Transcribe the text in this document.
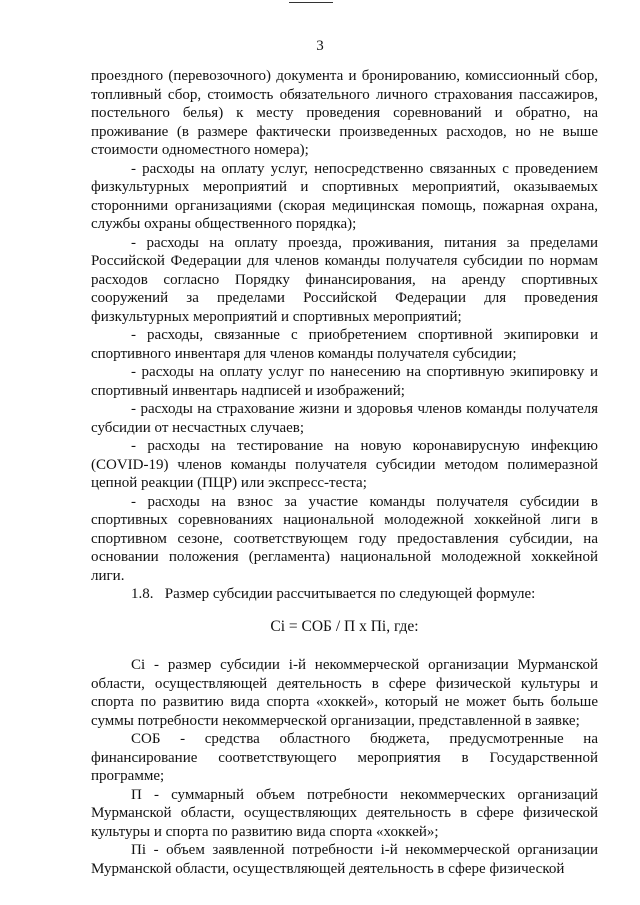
3

проездного (перевозочного) документа и бронированию, комиссионный сбор, топливный сбор, стоимость обязательного личного страхования пассажиров, постельного белья) к месту проведения соревнований и обратно, на проживание (в размере фактически произведенных расходов, но не выше стоимости одноместного номера);

- расходы на оплату услуг, непосредственно связанных с проведением физкультурных мероприятий и спортивных мероприятий, оказываемых сторонними организациями (скорая медицинская помощь, пожарная охрана, службы охраны общественного порядка);

- расходы на оплату проезда, проживания, питания за пределами Российской Федерации для членов команды получателя субсидии по нормам расходов согласно Порядку финансирования, на аренду спортивных сооружений за пределами Российской Федерации для проведения физкультурных мероприятий и спортивных мероприятий;

- расходы, связанные с приобретением спортивной экипировки и спортивного инвентаря для членов команды получателя субсидии;

- расходы на оплату услуг по нанесению на спортивную экипировку и спортивный инвентарь надписей и изображений;

- расходы на страхование жизни и здоровья членов команды получателя субсидии от несчастных случаев;

- расходы на тестирование на новую коронавирусную инфекцию (COVID-19) членов команды получателя субсидии методом полимеразной цепной реакции (ПЦР) или экспресс-теста;

- расходы на взнос за участие команды получателя субсидии в спортивных соревнованиях национальной молодежной хоккейной лиги в спортивном сезоне, соответствующем году предоставления субсидии, на основании положения (регламента) национальной молодежной хоккейной лиги.

1.8.   Размер субсидии рассчитывается по следующей формуле:

Ci = СОБ / П х Пi, где:

Ci - размер субсидии i-й некоммерческой организации Мурманской области, осуществляющей деятельность в сфере физической культуры и спорта по развитию вида спорта «хоккей», который не может быть больше суммы потребности некоммерческой организации, представленной в заявке;

СОБ - средства областного бюджета, предусмотренные на финансирование соответствующего мероприятия в Государственной программе;

П - суммарный объем потребности некоммерческих организаций Мурманской области, осуществляющих деятельность в сфере физической культуры и спорта по развитию вида спорта «хоккей»;

Пi - объем заявленной потребности i-й некоммерческой организации Мурманской области, осуществляющей деятельность в сфере физической
